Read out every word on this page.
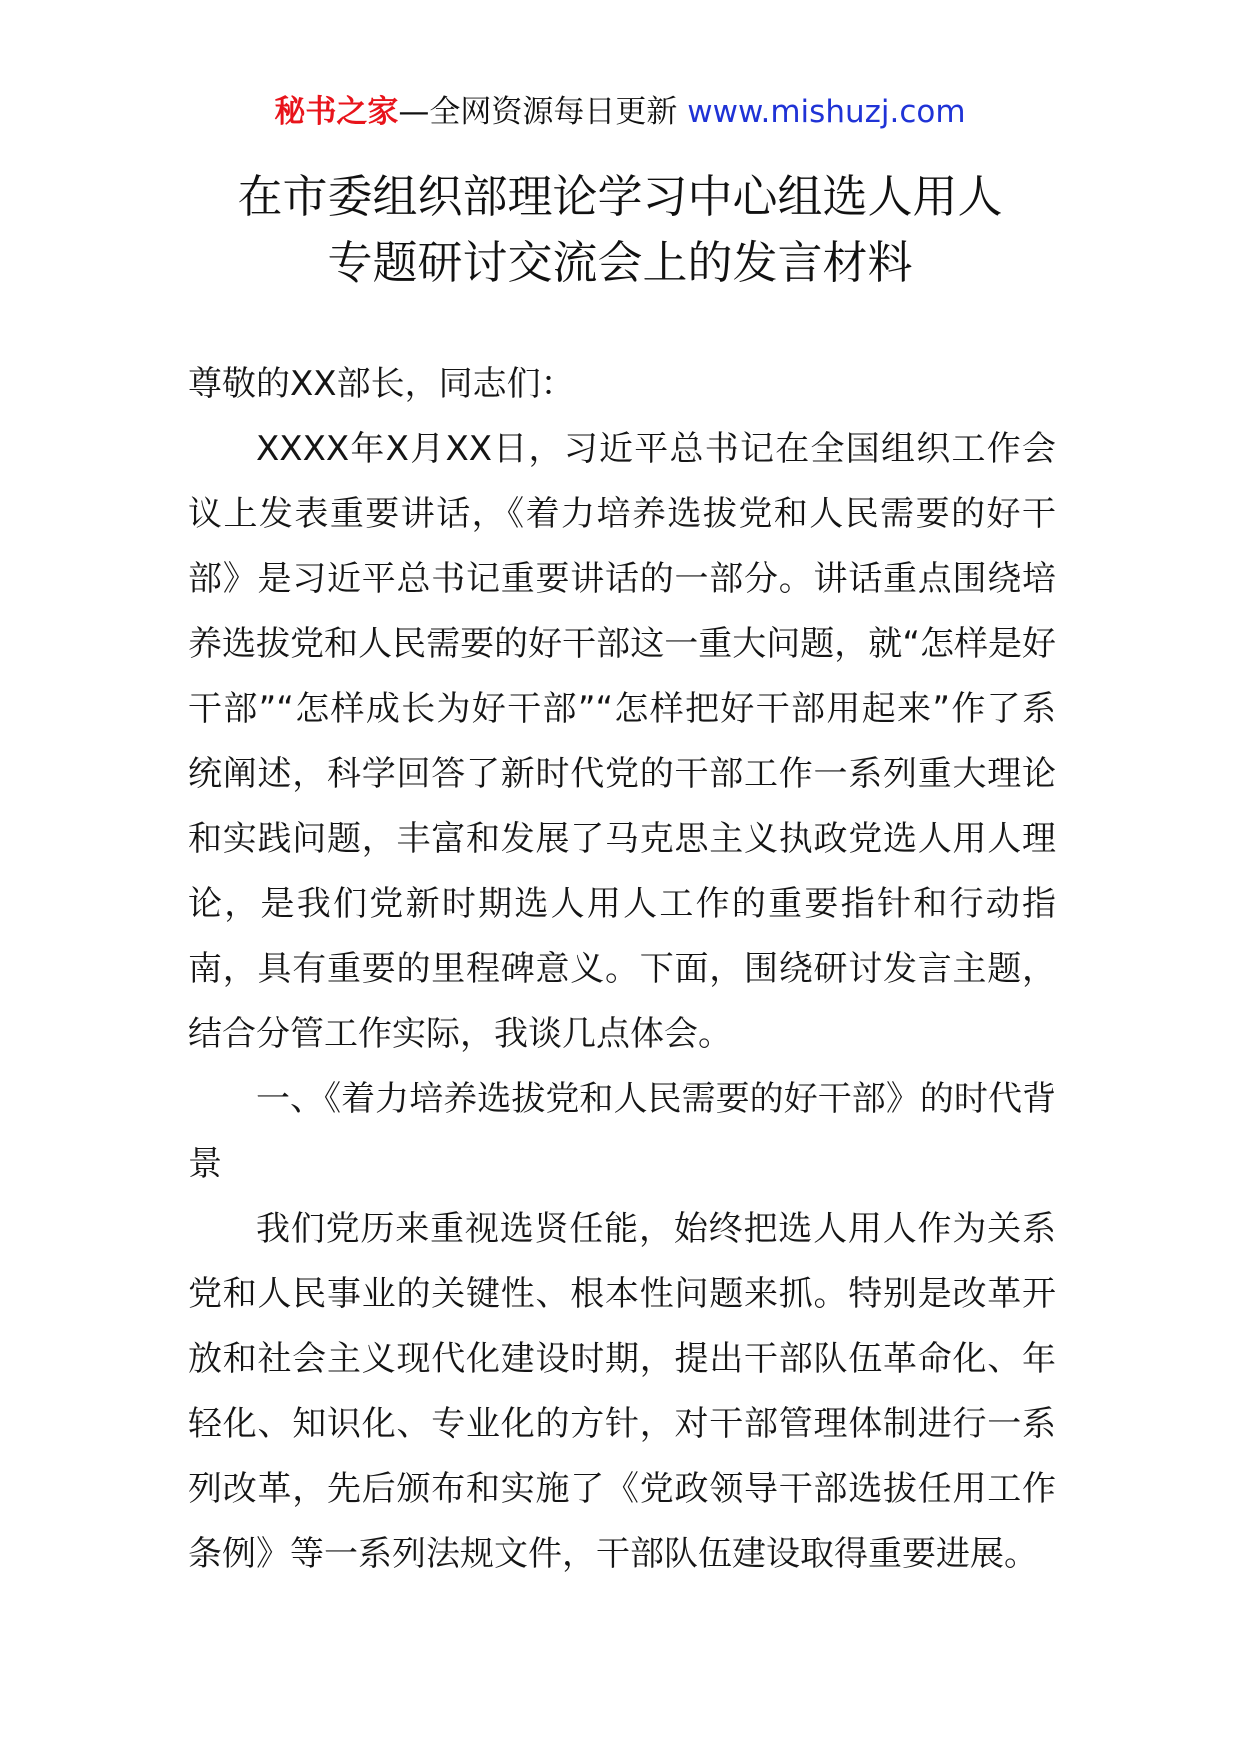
秘书之家—全网资源每日更新 www.mishuzj.com
在市委组织部理论学习中心组选人用人
专题研讨交流会上的发言材料

尊敬的XX部长，同志们：

XXXX年X月XX日，习近平总书记在全国组织工作会议上发表重要讲话，《着力培养选拔党和人民需要的好干部》是习近平总书记重要讲话的一部分。讲话重点围绕培养选拔党和人民需要的好干部这一重大问题，就“怎样是好干部”“怎样成长为好干部”“怎样把好干部用起来”作了系统阐述，科学回答了新时代党的干部工作一系列重大理论和实践问题，丰富和发展了马克思主义执政党选人用人理论，是我们党新时期选人用人工作的重要指针和行动指南，具有重要的里程碑意义。下面，围绕研讨发言主题，结合分管工作实际，我谈几点体会。

一、《着力培养选拔党和人民需要的好干部》的时代背景

我们党历来重视选贤任能，始终把选人用人作为关系党和人民事业的关键性、根本性问题来抓。特别是改革开放和社会主义现代化建设时期，提出干部队伍革命化、年轻化、知识化、专业化的方针，对干部管理体制进行一系列改革，先后颁布和实施了《党政领导干部选拔任用工作条例》等一系列法规文件，干部队伍建设取得重要进展。
